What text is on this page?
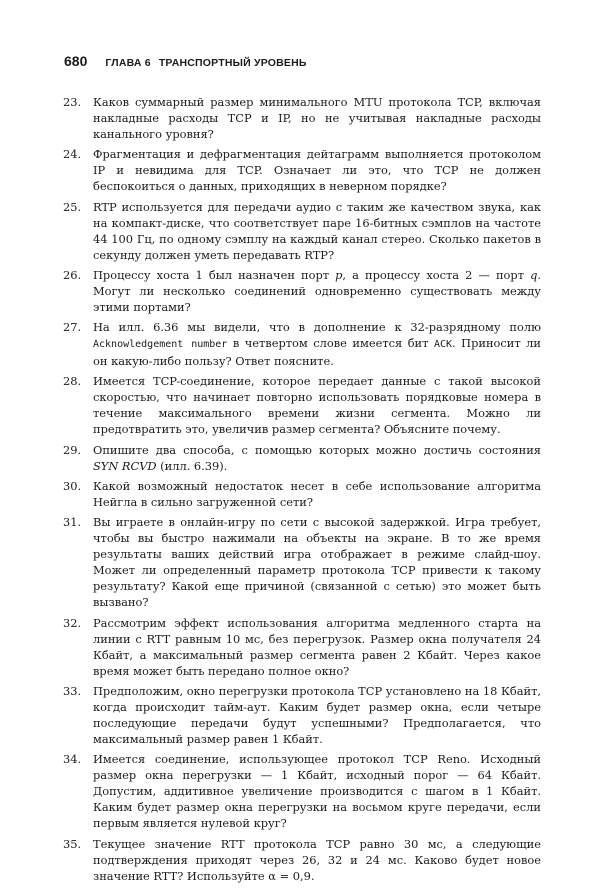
680 ГЛАВА 6 ТРАНСПОРТНЫЙ УРОВЕНЬ
23.	Каков суммарный размер минимального MTU протокола TCP, включая накладные расходы TCP и IP, но не учитывая накладные расходы канального уровня?
24.	Фрагментация и дефрагментация дейтаграмм выполняется протоколом IP и невидима для TCP. Означает ли это, что TCP не должен беспокоиться о данных, приходящих в неверном порядке?
25.	RTP используется для передачи аудио с таким же качеством звука, как на компакт-диске, что соответствует паре 16-битных сэмплов на частоте 44 100 Гц, по одному сэмплу на каждый канал стерео. Сколько пакетов в секунду должен уметь передавать RTP?
26.	Процессу хоста 1 был назначен порт p, а процессу хоста 2 — порт q. Могут ли несколько соединений одновременно существовать между этими портами?
27.	На илл. 6.36 мы видели, что в дополнение к 32-разрядному полю Acknowledgement number в четвертом слове имеется бит ACK. Приносит ли он какую-либо пользу? Ответ поясните.
28.	Имеется TCP-соединение, которое передает данные с такой высокой скоростью, что начинает повторно использовать порядковые номера в течение максимального времени жизни сегмента. Можно ли предотвратить это, увеличив размер сегмента? Объясните почему.
29.	Опишите два способа, с помощью которых можно достичь состояния SYN RCVD (илл. 6.39).
30.	Какой возможный недостаток несет в себе использование алгоритма Нейгла в сильно загруженной сети?
31.	Вы играете в онлайн-игру по сети с высокой задержкой. Игра требует, чтобы вы быстро нажимали на объекты на экране. В то же время результаты ваших действий игра отображает в режиме слайд-шоу. Может ли определенный параметр протокола TCP привести к такому результату? Какой еще причиной (связанной с сетью) это может быть вызвано?
32.	Рассмотрим эффект использования алгоритма медленного старта на линии с RTT равным 10 мс, без перегрузок. Размер окна получателя 24 Кбайт, а максимальный размер сегмента равен 2 Кбайт. Через какое время может быть передано полное окно?
33.	Предположим, окно перегрузки протокола TCP установлено на 18 Кбайт, когда происходит тайм-аут. Каким будет размер окна, если четыре последующие передачи будут успешными? Предполагается, что максимальный размер равен 1 Кбайт.
34.	Имеется соединение, использующее протокол TCP Reno. Исходный размер окна перегрузки — 1 Кбайт, исходный порог — 64 Кбайт. Допустим, аддитивное увеличение производится с шагом в 1 Кбайт. Каким будет размер окна перегрузки на восьмом круге передачи, если первым является нулевой круг?
35.	Текущее значение RTT протокола TCP равно 30 мс, а следующие подтверждения приходят через 26, 32 и 24 мс. Каково будет новое значение RTT? Используйте α = 0,9.
